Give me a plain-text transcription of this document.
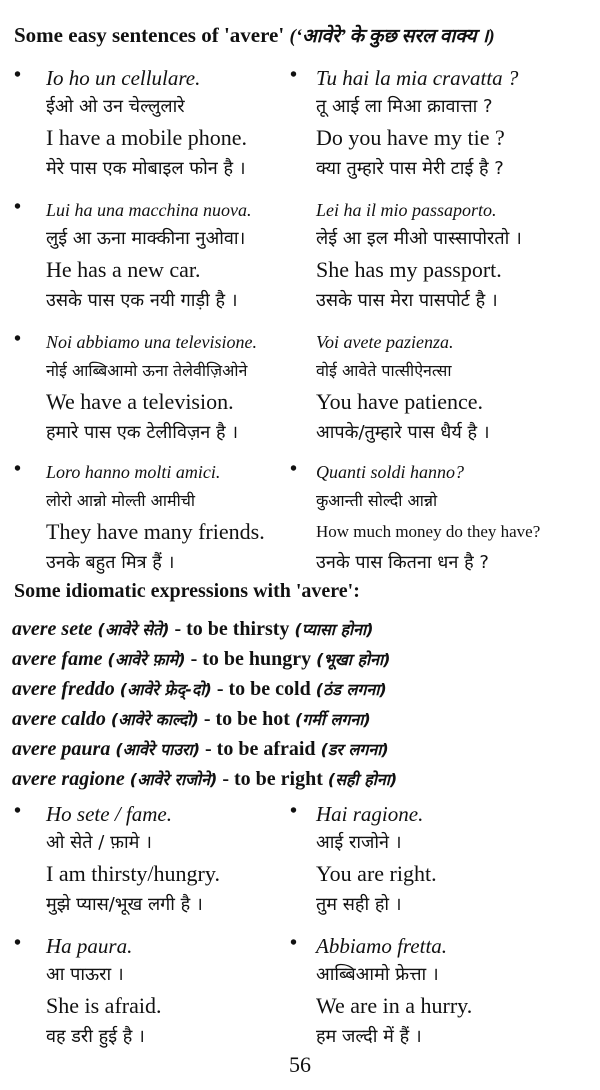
Some easy sentences of 'avere' (‘आवेरे’ के कुछ सरल वाक्य ।)
• Io ho un cellulare.
ईओ ओ उन चेल्लुलारे
I have a mobile phone.
मेरे पास एक मोबाइल फोन है ।
• Tu hai la mia cravatta ?
तू आई ला मिआ क्रावात्ता ?
Do you have my tie ?
क्या तुम्हारे पास मेरी टाई है ?
• Lui ha una macchina nuova.
लुई आ ऊना माक्कीना नुओवा।
He has a new car.
उसके पास एक नयी गाड़ी है ।
Lei ha il mio passaporto.
लेई आ इल मीओ पास्सापोरतो ।
She has my passport.
उसके पास मेरा पासपोर्ट है ।
• Noi abbiamo una televisione.
नोई आब्बिआमो ऊना तेलेवीज़िओने
We have a television.
हमारे पास एक टेलीविज़न है ।
Voi avete pazienza.
वोई आवेते पात्सीऐनत्सा
You have patience.
आपके/तुम्हारे पास धैर्य है ।
• Loro hanno molti amici.
लोरो आन्नो मोल्ती आमीची
They have many friends.
उनके बहुत मित्र हैं ।
• Quanti soldi hanno?
कुआन्ती सोल्दी आन्नो
How much money do they have?
उनके पास कितना धन है ?
Some idiomatic expressions with 'avere':
avere sete (आवेरे सेते) - to be thirsty (प्यासा होना)
avere fame (आवेरे फ़ामे) - to be hungry (भूखा होना)
avere freddo (आवेरे फ्रेद्-दो) - to be cold (ठंड लगना)
avere caldo (आवेरे काल्दो) - to be hot (गर्मी लगना)
avere paura (आवेरे पाउरा) - to be afraid (डर लगना)
avere ragione (आवेरे राजोने) - to be right (सही होना)
• Ho sete / fame.
ओ सेते / फ़ामे ।
I am thirsty/hungry.
मुझे प्यास/भूख लगी है ।
• Hai ragione.
आई राजोने ।
You are right.
तुम सही हो ।
• Ha paura.
आ पाऊरा ।
She is afraid.
वह डरी हुई है ।
• Abbiamo fretta.
आब्बिआमो फ्रेत्ता ।
We are in a hurry.
हम जल्दी में हैं ।
56
